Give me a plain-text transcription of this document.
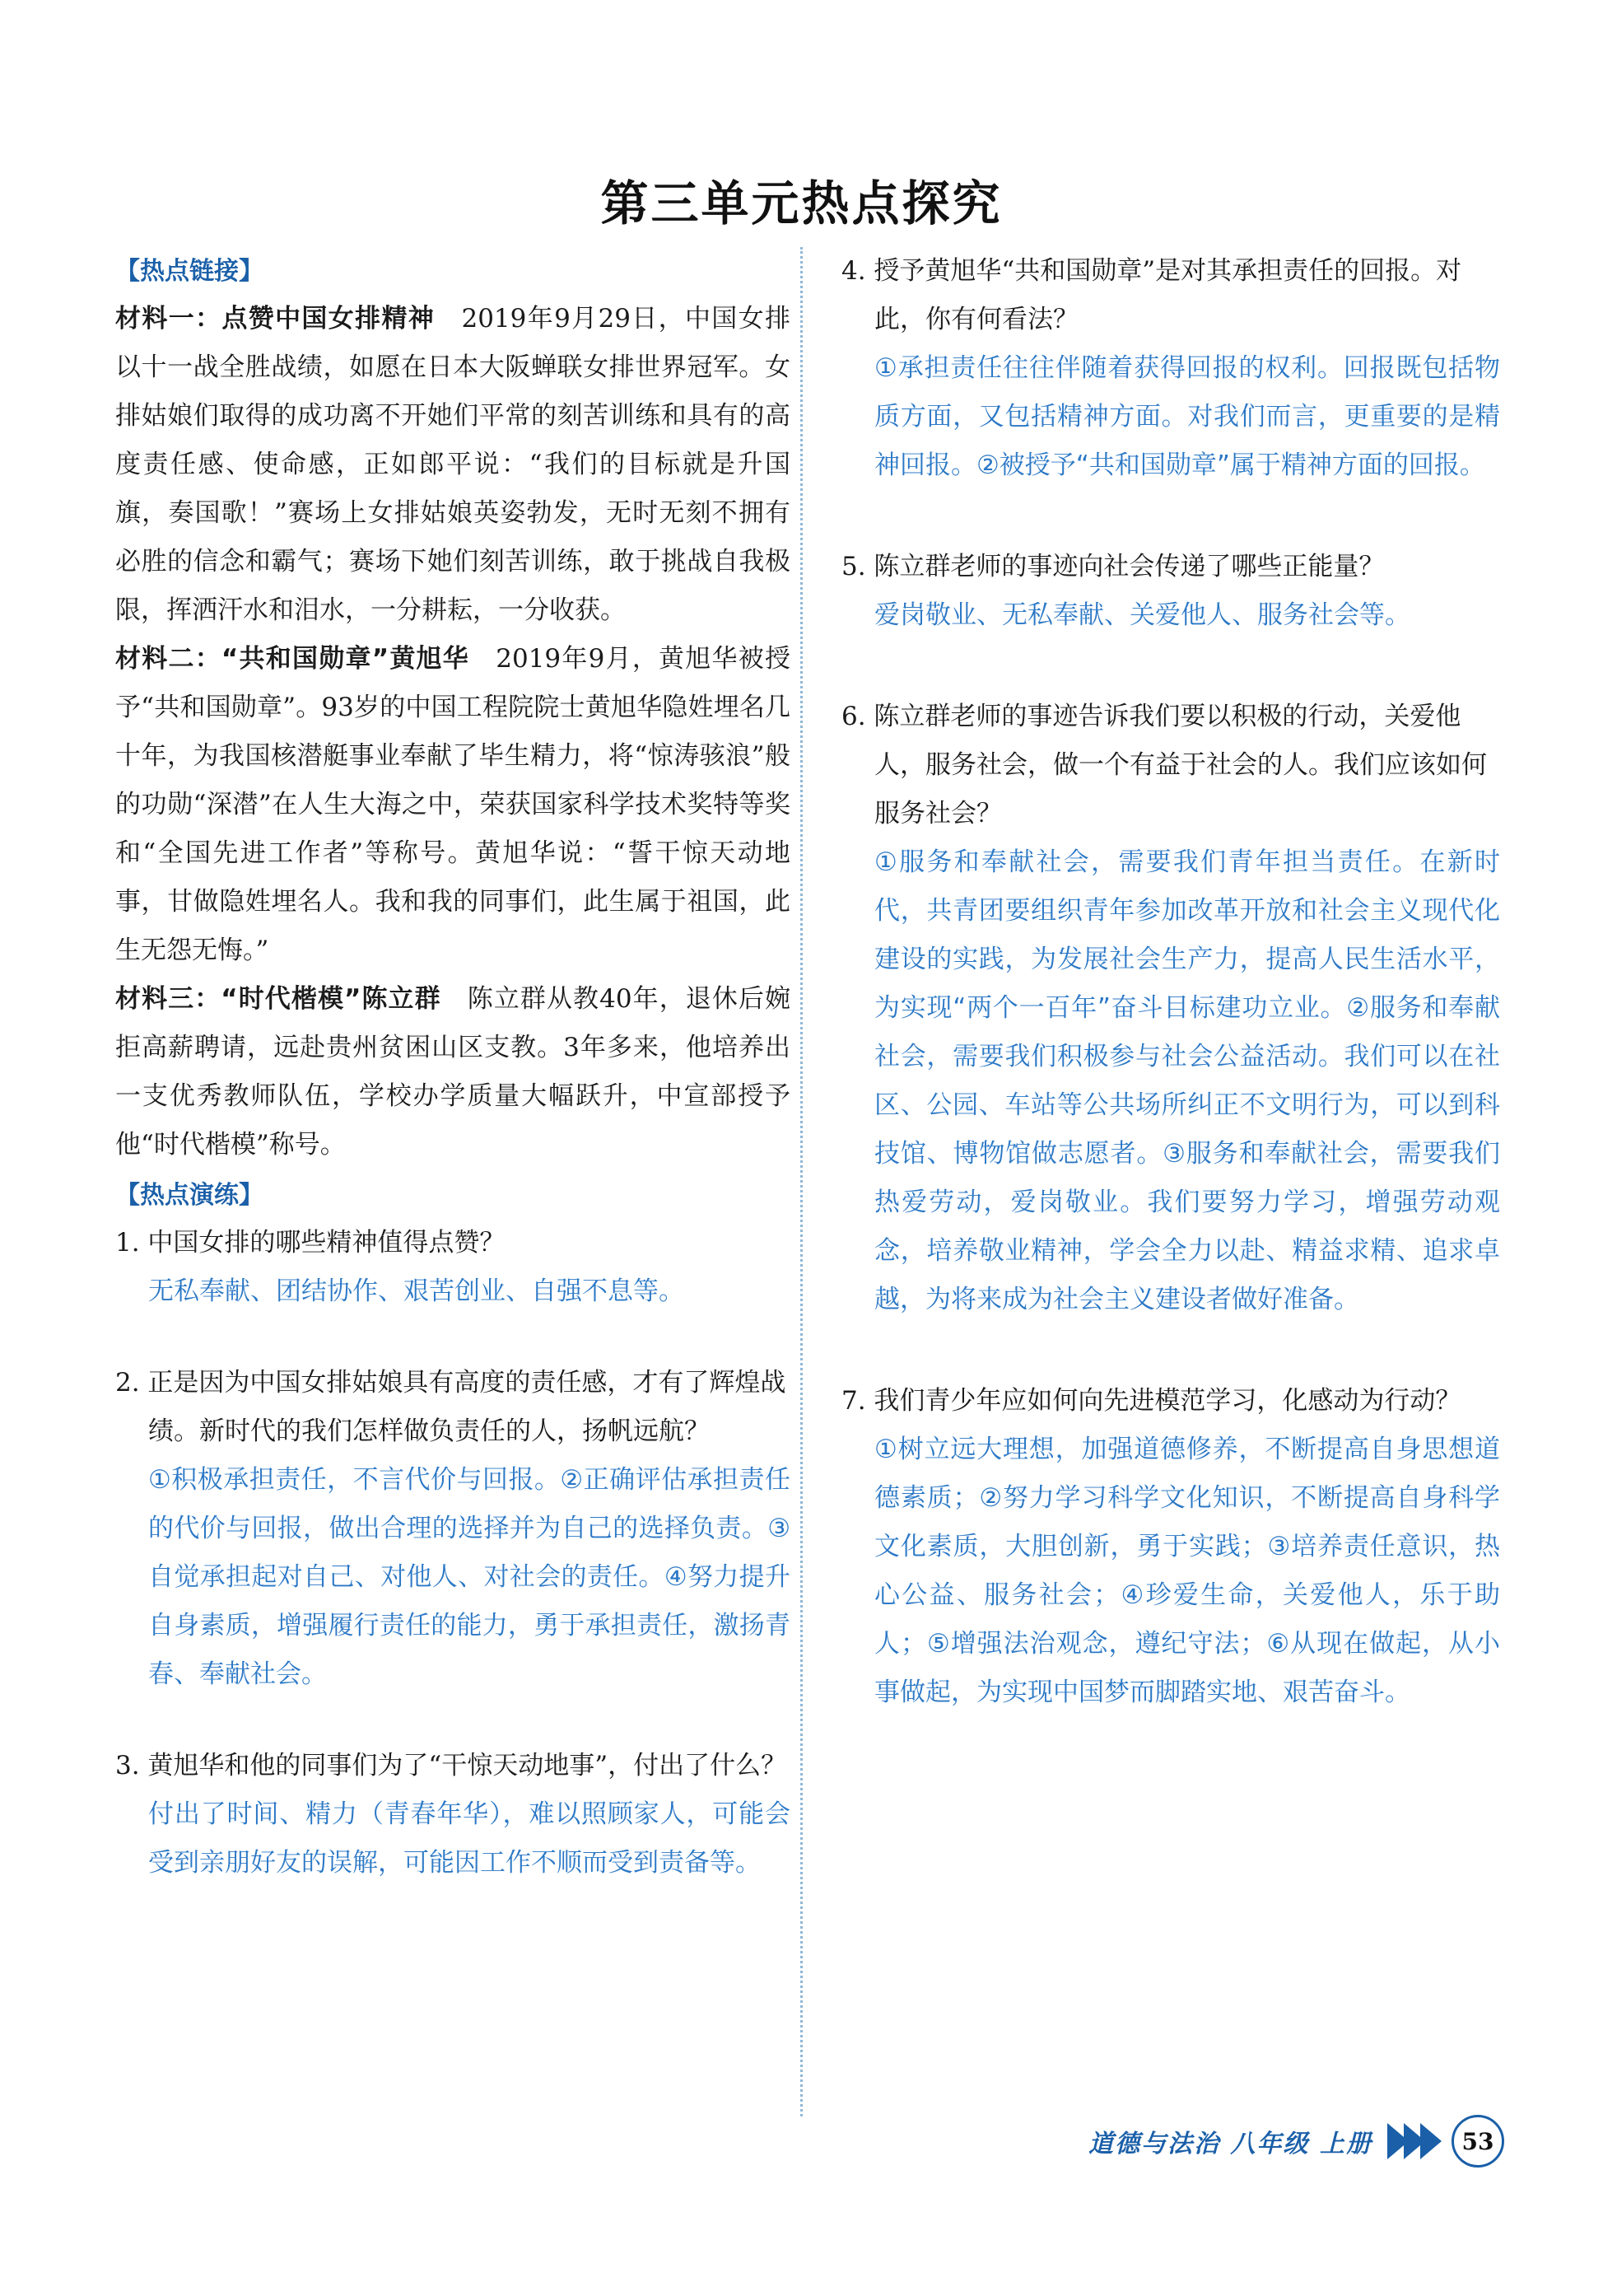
第三单元热点探究
【热点链接】

材料一：点赞中国女排精神　2019年9月29日，中国女排以十一战全胜战绩，如愿在日本大阪蝉联女排世界冠军。女排姑娘们取得的成功离不开她们平常的刻苦训练和具有的高度责任感、使命感，正如郎平说：“我们的目标就是升国旗，奏国歌！”赛场上女排姑娘英姿勃发，无时无刻不拥有必胜的信念和霸气；赛场下她们刻苦训练，敢于挑战自我极限，挥洒汗水和泪水，一分耕耘，一分收获。

材料二：“共和国勋章”黄旭华　2019年9月，黄旭华被授予“共和国勋章”。93岁的中国工程院院士黄旭华隐姓埋名几十年，为我国核潜艇事业奉献了毕生精力，将“惊涛骇浪”般的功勋“深潜”在人生大海之中，荣获国家科学技术奖特等奖和“全国先进工作者”等称号。黄旭华说：“誓干惊天动地事，甘做隐姓埋名人。我和我的同事们，此生属于祖国，此生无怨无悔。”

材料三：“时代楷模”陈立群　陈立群从教40年，退休后婉拒高薪聘请，远赴贵州贫困山区支教。3年多来，他培养出一支优秀教师队伍，学校办学质量大幅跃升，中宣部授予他“时代楷模”称号。

【热点演练】

1. 中国女排的哪些精神值得点赞？

无私奉献、团结协作、艰苦创业、自强不息等。

2. 正是因为中国女排姑娘具有高度的责任感，才有了辉煌战绩。新时代的我们怎样做负责任的人，扬帆远航？

①积极承担责任，不言代价与回报。②正确评估承担责任的代价与回报，做出合理的选择并为自己的选择负责。③自觉承担起对自己、对他人、对社会的责任。④努力提升自身素质，增强履行责任的能力，勇于承担责任，激扬青春、奉献社会。

3. 黄旭华和他的同事们为了“干惊天动地事”，付出了什么？

付出了时间、精力（青春年华），难以照顾家人，可能会受到亲朋好友的误解，可能因工作不顺而受到责备等。

4. 授予黄旭华“共和国勋章”是对其承担责任的回报。对此，你有何看法？

①承担责任往往伴随着获得回报的权利。回报既包括物质方面，又包括精神方面。对我们而言，更重要的是精神回报。②被授予“共和国勋章”属于精神方面的回报。

5. 陈立群老师的事迹向社会传递了哪些正能量？

爱岗敬业、无私奉献、关爱他人、服务社会等。

6. 陈立群老师的事迹告诉我们要以积极的行动，关爱他人，服务社会，做一个有益于社会的人。我们应该如何服务社会？

①服务和奉献社会，需要我们青年担当责任。在新时代，共青团要组织青年参加改革开放和社会主义现代化建设的实践，为发展社会生产力，提高人民生活水平，为实现“两个一百年”奋斗目标建功立业。②服务和奉献社会，需要我们积极参与社会公益活动。我们可以在社区、公园、车站等公共场所纠正不文明行为，可以到科技馆、博物馆做志愿者。③服务和奉献社会，需要我们热爱劳动，爱岗敬业。我们要努力学习，增强劳动观念，培养敬业精神，学会全力以赴、精益求精、追求卓越，为将来成为社会主义建设者做好准备。

7. 我们青少年应如何向先进模范学习，化感动为行动？

①树立远大理想，加强道德修养，不断提高自身思想道德素质；②努力学习科学文化知识，不断提高自身科学文化素质，大胆创新，勇于实践；③培养责任意识，热心公益、服务社会；④珍爱生命，关爱他人，乐于助人；⑤增强法治观念，遵纪守法；⑥从现在做起，从小事做起，为实现中国梦而脚踏实地、艰苦奋斗。

道德与法治 八年级 上册	53
